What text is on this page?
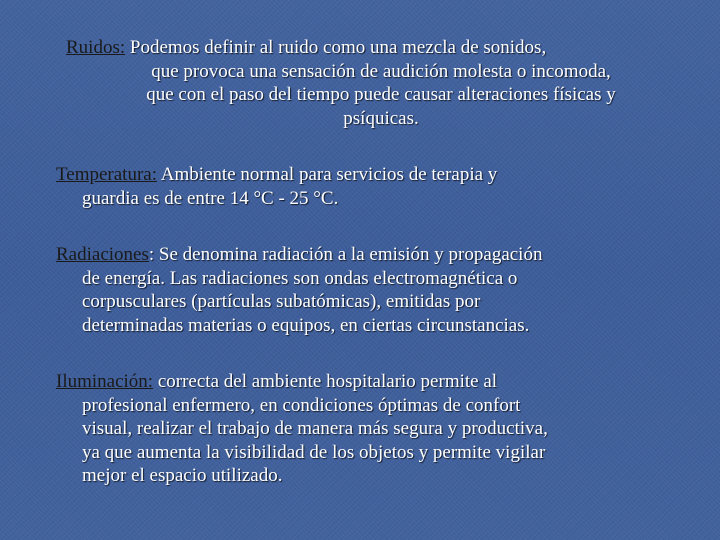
Ruidos: Podemos definir al ruido como una mezcla de sonidos,
que provoca una sensación de audición molesta o incomoda,
que con el paso del tiempo puede causar alteraciones físicas y
psíquicas.
Temperatura: Ambiente normal para servicios de terapia y
guardia es de entre 14 °C - 25 °C.
Radiaciones: Se denomina radiación a la emisión y propagación
de energía. Las radiaciones son ondas electromagnética o
corpusculares (partículas subatómicas), emitidas por
determinadas materias o equipos, en ciertas circunstancias.
Iluminación: correcta del ambiente hospitalario permite al
profesional enfermero, en condiciones óptimas de confort
visual, realizar el trabajo de manera más segura y productiva,
ya que aumenta la visibilidad de los objetos y permite vigilar
mejor el espacio utilizado.
